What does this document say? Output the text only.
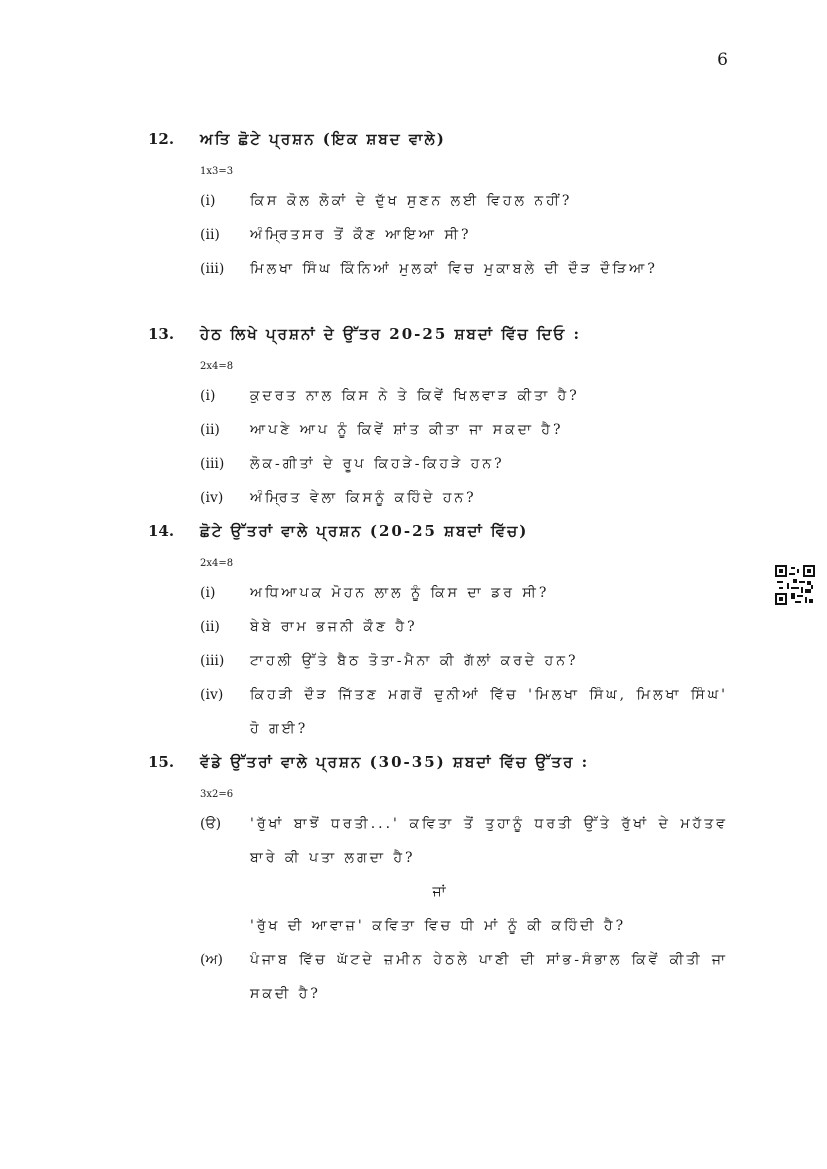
6
12. ਅਤਿ ਛੋਟੇ ਪ੍ਰਸ਼ਨ (ਇਕ ਸ਼ਬਦ ਵਾਲੇ)
1x3=3
(i) ਕਿਸ ਕੋਲ ਲੋਕਾਂ ਦੇ ਦੁੱਖ ਸੁਣਨ ਲਈ ਵਿਹਲ ਨਹੀਂ?
(ii) ਅੰਮ੍ਰਿਤਸਰ ਤੋਂ ਕੌਣ ਆਇਆ ਸੀ?
(iii) ਮਿਲਖਾ ਸਿੰਘ ਕਿੰਨਿਆਂ ਮੁਲਕਾਂ ਵਿਚ ਮੁਕਾਬਲੇ ਦੀ ਦੌੜ ਦੌੜਿਆ?
13. ਹੇਠ ਲਿਖੇ ਪ੍ਰਸ਼ਨਾਂ ਦੇ ਉੱਤਰ 20-25 ਸ਼ਬਦਾਂ ਵਿੱਚ ਦਿਓ :
2x4=8
(i) ਕੁਦਰਤ ਨਾਲ ਕਿਸ ਨੇ ਤੇ ਕਿਵੇਂ ਖਿਲਵਾੜ ਕੀਤਾ ਹੈ?
(ii) ਆਪਣੇ ਆਪ ਨੂੰ ਕਿਵੇਂ ਸ਼ਾਂਤ ਕੀਤਾ ਜਾ ਸਕਦਾ ਹੈ?
(iii) ਲੋਕ-ਗੀਤਾਂ ਦੇ ਰੂਪ ਕਿਹੜੇ-ਕਿਹੜੇ ਹਨ?
(iv) ਅੰਮ੍ਰਿਤ ਵੇਲਾ ਕਿਸਨੂੰ ਕਹਿੰਦੇ ਹਨ?
14. ਛੋਟੇ ਉੱਤਰਾਂ ਵਾਲੇ ਪ੍ਰਸ਼ਨ (20-25 ਸ਼ਬਦਾਂ ਵਿੱਚ)
2x4=8
(i) ਅਧਿਆਪਕ ਮੋਹਨ ਲਾਲ ਨੂੰ ਕਿਸ ਦਾ ਡਰ ਸੀ?
(ii) ਬੇਬੇ ਰਾਮ ਭਜਨੀ ਕੌਣ ਹੈ?
(iii) ਟਾਹਲੀ ਉੱਤੇ ਬੈਠ ਤੋਤਾ-ਮੈਨਾ ਕੀ ਗੱਲਾਂ ਕਰਦੇ ਹਨ?
(iv) ਕਿਹੜੀ ਦੌੜ ਜਿੱਤਣ ਮਗਰੋਂ ਦੁਨੀਆਂ ਵਿੱਚ 'ਮਿਲਖਾ ਸਿੰਘ, ਮਿਲਖਾ ਸਿੰਘ' ਹੋ ਗਈ?
15. ਵੱਡੇ ਉੱਤਰਾਂ ਵਾਲੇ ਪ੍ਰਸ਼ਨ (30-35) ਸ਼ਬਦਾਂ ਵਿੱਚ ਉੱਤਰ :
3x2=6
(ੳ) 'ਰੁੱਖਾਂ ਬਾਝੋਂ ਧਰਤੀ...' ਕਵਿਤਾ ਤੋਂ ਤੁਹਾਨੂੰ ਧਰਤੀ ਉੱਤੇ ਰੁੱਖਾਂ ਦੇ ਮਹੱਤਵ ਬਾਰੇ ਕੀ ਪਤਾ ਲਗਦਾ ਹੈ?
ਜਾਂ
'ਰੁੱਖ ਦੀ ਆਵਾਜ਼' ਕਵਿਤਾ ਵਿਚ ਧੀ ਮਾਂ ਨੂੰ ਕੀ ਕਹਿੰਦੀ ਹੈ?
(ਅ) ਪੰਜਾਬ ਵਿੱਚ ਘੱਟਦੇ ਜ਼ਮੀਨ ਹੇਠਲੇ ਪਾਣੀ ਦੀ ਸਾਂਭ-ਸੰਭਾਲ ਕਿਵੇਂ ਕੀਤੀ ਜਾ ਸਕਦੀ ਹੈ?
